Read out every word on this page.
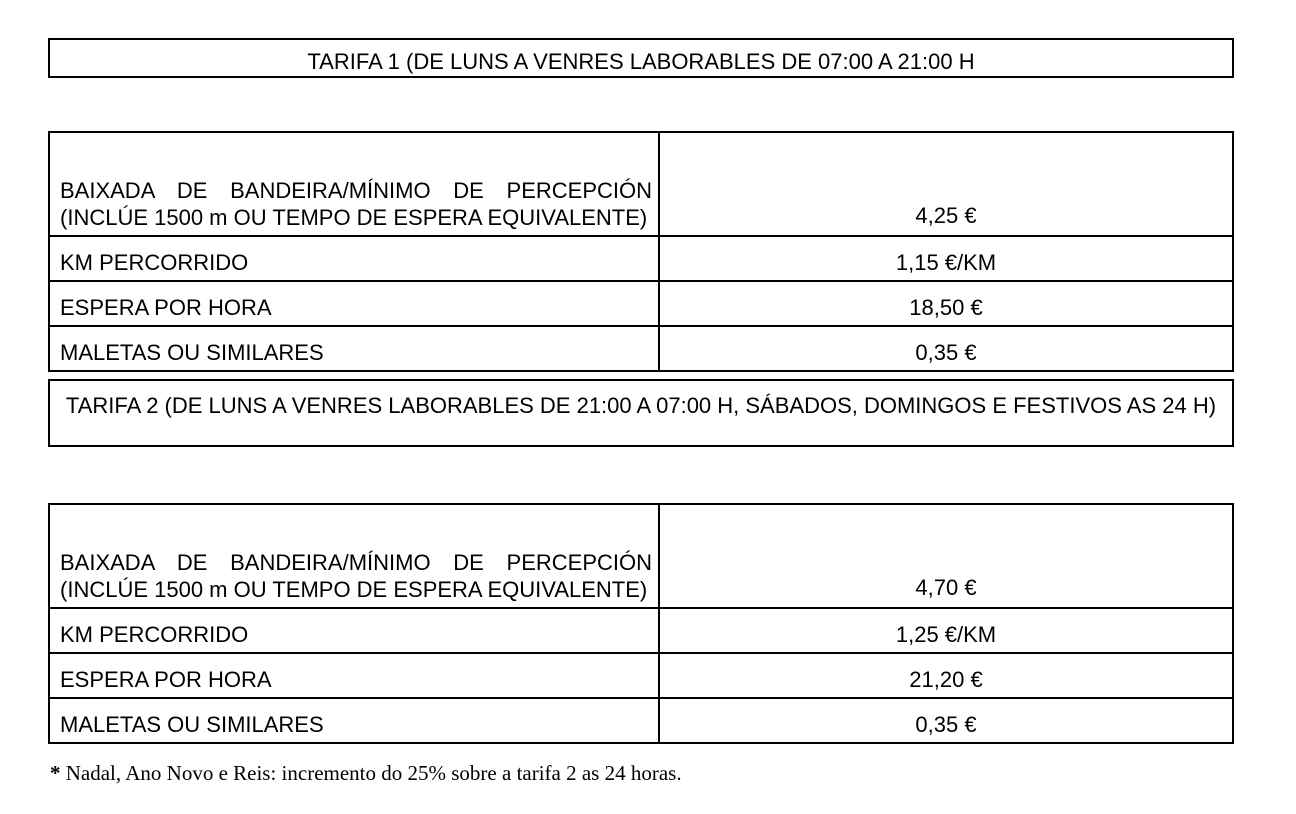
TARIFA 1 (DE LUNS A VENRES LABORABLES DE 07:00 A 21:00 H
BAIXADA DE BANDEIRA/MÍNIMO DE PERCEPCIÓN (INCLÚE 1500 m OU TEMPO DE ESPERA EQUIVALENTE)	4,25 €

KM PERCORRIDO	1,15 €/KM

ESPERA POR HORA	18,50 €

MALETAS OU SIMILARES	0,35 €
TARIFA 2 (DE LUNS A VENRES LABORABLES DE 21:00 A 07:00 H, SÁBADOS, DOMINGOS E FESTIVOS AS 24 H)
BAIXADA DE BANDEIRA/MÍNIMO DE PERCEPCIÓN (INCLÚE 1500 m OU TEMPO DE ESPERA EQUIVALENTE)	4,70 €

KM PERCORRIDO	1,25 €/KM

ESPERA POR HORA	21,20 €

MALETAS OU SIMILARES	0,35 €
* Nadal, Ano Novo e Reis: incremento do 25% sobre a tarifa 2 as 24 horas.
